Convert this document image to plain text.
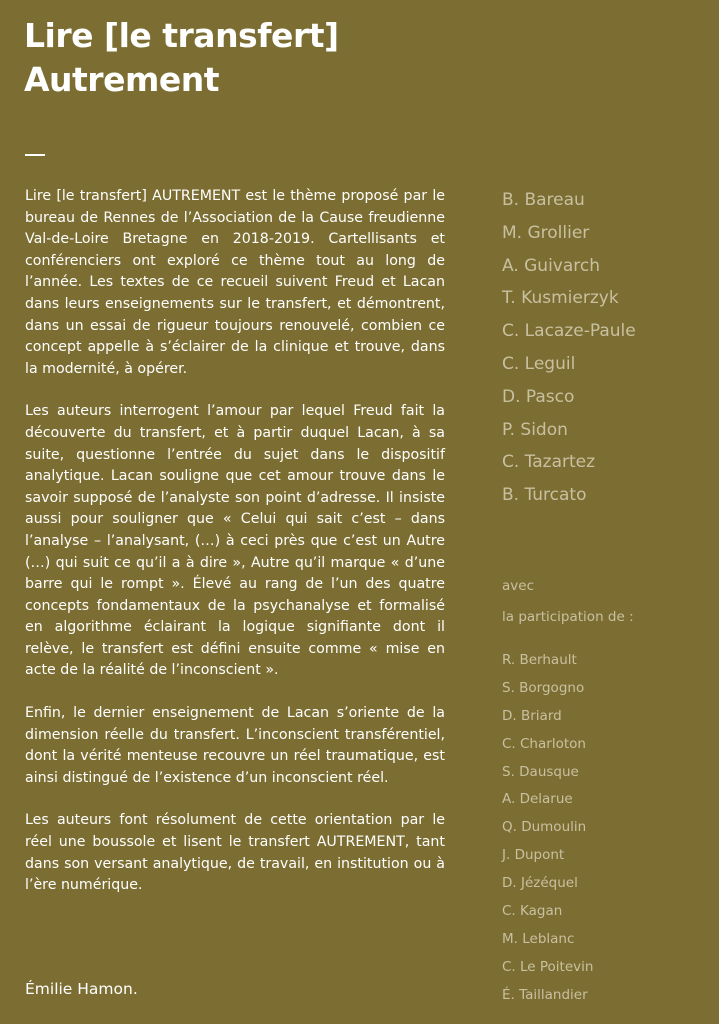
Lire [le transfert]
Autrement

Lire [le transfert] AUTREMENT est le thème proposé par le bureau de Rennes de l’Association de la Cause freudienne Val-de-Loire Bretagne en 2018-2019. Cartellisants et conférenciers ont exploré ce thème tout au long de l’année. Les textes de ce recueil suivent Freud et Lacan dans leurs enseignements sur le transfert, et démontrent, dans un essai de rigueur toujours renouvelé, combien ce concept appelle à s’éclairer de la clinique et trouve, dans la modernité, à opérer.

Les auteurs interrogent l’amour par lequel Freud fait la découverte du transfert, et à partir duquel Lacan, à sa suite, questionne l’entrée du sujet dans le dispositif analytique. Lacan souligne que cet amour trouve dans le savoir supposé de l’analyste son point d’adresse. Il insiste aussi pour souligner que « Celui qui sait c’est – dans l’analyse – l’analysant, (…) à ceci près que c’est un Autre (…) qui suit ce qu’il a à dire », Autre qu’il marque « d’une barre qui le rompt ». Élevé au rang de l’un des quatre concepts fondamentaux de la psychanalyse et formalisé en algorithme éclairant la logique signifiante dont il relève, le transfert est défini ensuite comme « mise en acte de la réalité de l’inconscient ».

Enfin, le dernier enseignement de Lacan s’oriente de la dimension réelle du transfert. L’inconscient transférentiel, dont la vérité menteuse recouvre un réel traumatique, est ainsi distingué de l’existence d’un inconscient réel.

Les auteurs font résolument de cette orientation par le réel une boussole et lisent le transfert AUTREMENT, tant dans son versant analytique, de travail, en institution ou à l’ère numérique.

Émilie Hamon.
B. Bareau
M. Grollier
A. Guivarch
T. Kusmierzyk
C. Lacaze-Paule
C. Leguil
D. Pasco
P. Sidon
C. Tazartez
B. Turcato
avec
la participation de :
R. Berhault
S. Borgogno
D. Briard
C. Charloton
S. Dausque
A. Delarue
Q. Dumoulin
J. Dupont
D. Jézéquel
C. Kagan
M. Leblanc
C. Le Poitevin
É. Taillandier
